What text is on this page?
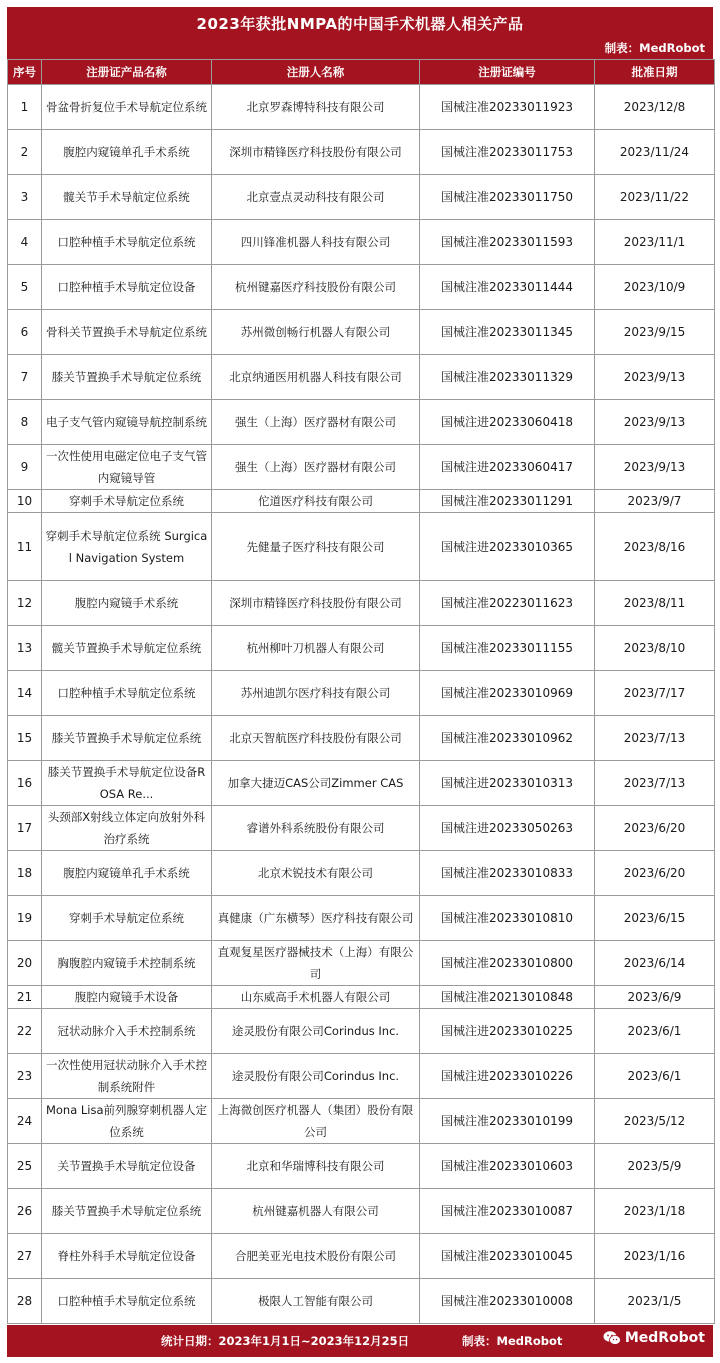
2023年获批NMPA的中国手术机器人相关产品
制表：MedRobot
序号	注册证产品名称	注册人名称	注册证编号	批准日期
1	骨盆骨折复位手术导航定位系统	北京罗森博特科技有限公司	国械注准20233011923	2023/12/8
2	腹腔内窥镜单孔手术系统	深圳市精锋医疗科技股份有限公司	国械注准20233011753	2023/11/24
3	髋关节手术导航定位系统	北京壹点灵动科技有限公司	国械注准20233011750	2023/11/22
4	口腔种植手术导航定位系统	四川锋准机器人科技有限公司	国械注准20233011593	2023/11/1
5	口腔种植手术导航定位设备	杭州键嘉医疗科技股份有限公司	国械注准20233011444	2023/10/9
6	骨科关节置换手术导航定位系统	苏州微创畅行机器人有限公司	国械注准20233011345	2023/9/15
7	膝关节置换手术导航定位系统	北京纳通医用机器人科技有限公司	国械注准20233011329	2023/9/13
8	电子支气管内窥镜导航控制系统	强生（上海）医疗器材有限公司	国械注进20233060418	2023/9/13
9	一次性使用电磁定位电子支气管内窥镜导管	强生（上海）医疗器材有限公司	国械注进20233060417	2023/9/13
10	穿刺手术导航定位系统	佗道医疗科技有限公司	国械注准20233011291	2023/9/7
11	穿刺手术导航定位系统 Surgical Navigation System	先健量子医疗科技有限公司	国械注进20233010365	2023/8/16
12	腹腔内窥镜手术系统	深圳市精锋医疗科技股份有限公司	国械注准20223011623	2023/8/11
13	髋关节置换手术导航定位系统	杭州柳叶刀机器人有限公司	国械注准20233011155	2023/8/10
14	口腔种植手术导航定位系统	苏州迪凯尔医疗科技有限公司	国械注准20233010969	2023/7/17
15	膝关节置换手术导航定位系统	北京天智航医疗科技股份有限公司	国械注准20233010962	2023/7/13
16	膝关节置换手术导航定位设备ROSA Re...	加拿大捷迈CAS公司Zimmer CAS	国械注进20233010313	2023/7/13
17	头颈部X射线立体定向放射外科治疗系统	睿谱外科系统股份有限公司	国械注进20233050263	2023/6/20
18	腹腔内窥镜单孔手术系统	北京术锐技术有限公司	国械注准20233010833	2023/6/20
19	穿刺手术导航定位系统	真健康（广东横琴）医疗科技有限公司	国械注准20233010810	2023/6/15
20	胸腹腔内窥镜手术控制系统	直观复星医疗器械技术（上海）有限公司	国械注准20233010800	2023/6/14
21	腹腔内窥镜手术设备	山东威高手术机器人有限公司	国械注准20213010848	2023/6/9
22	冠状动脉介入手术控制系统	途灵股份有限公司Corindus Inc.	国械注进20233010225	2023/6/1
23	一次性使用冠状动脉介入手术控制系统附件	途灵股份有限公司Corindus Inc.	国械注进20233010226	2023/6/1
24	Mona Lisa前列腺穿刺机器人定位系统	上海微创医疗机器人（集团）股份有限公司	国械注准20233010199	2023/5/12
25	关节置换手术导航定位设备	北京和华瑞博科技有限公司	国械注准20233010603	2023/5/9
26	膝关节置换手术导航定位系统	杭州键嘉机器人有限公司	国械注准20233010087	2023/1/18
27	脊柱外科手术导航定位设备	合肥美亚光电技术股份有限公司	国械注准20233010045	2023/1/16
28	口腔种植手术导航定位系统	极限人工智能有限公司	国械注准20233010008	2023/1/5
统计日期：2023年1月1日~2023年12月25日	制表：MedRobot	MedRobot
